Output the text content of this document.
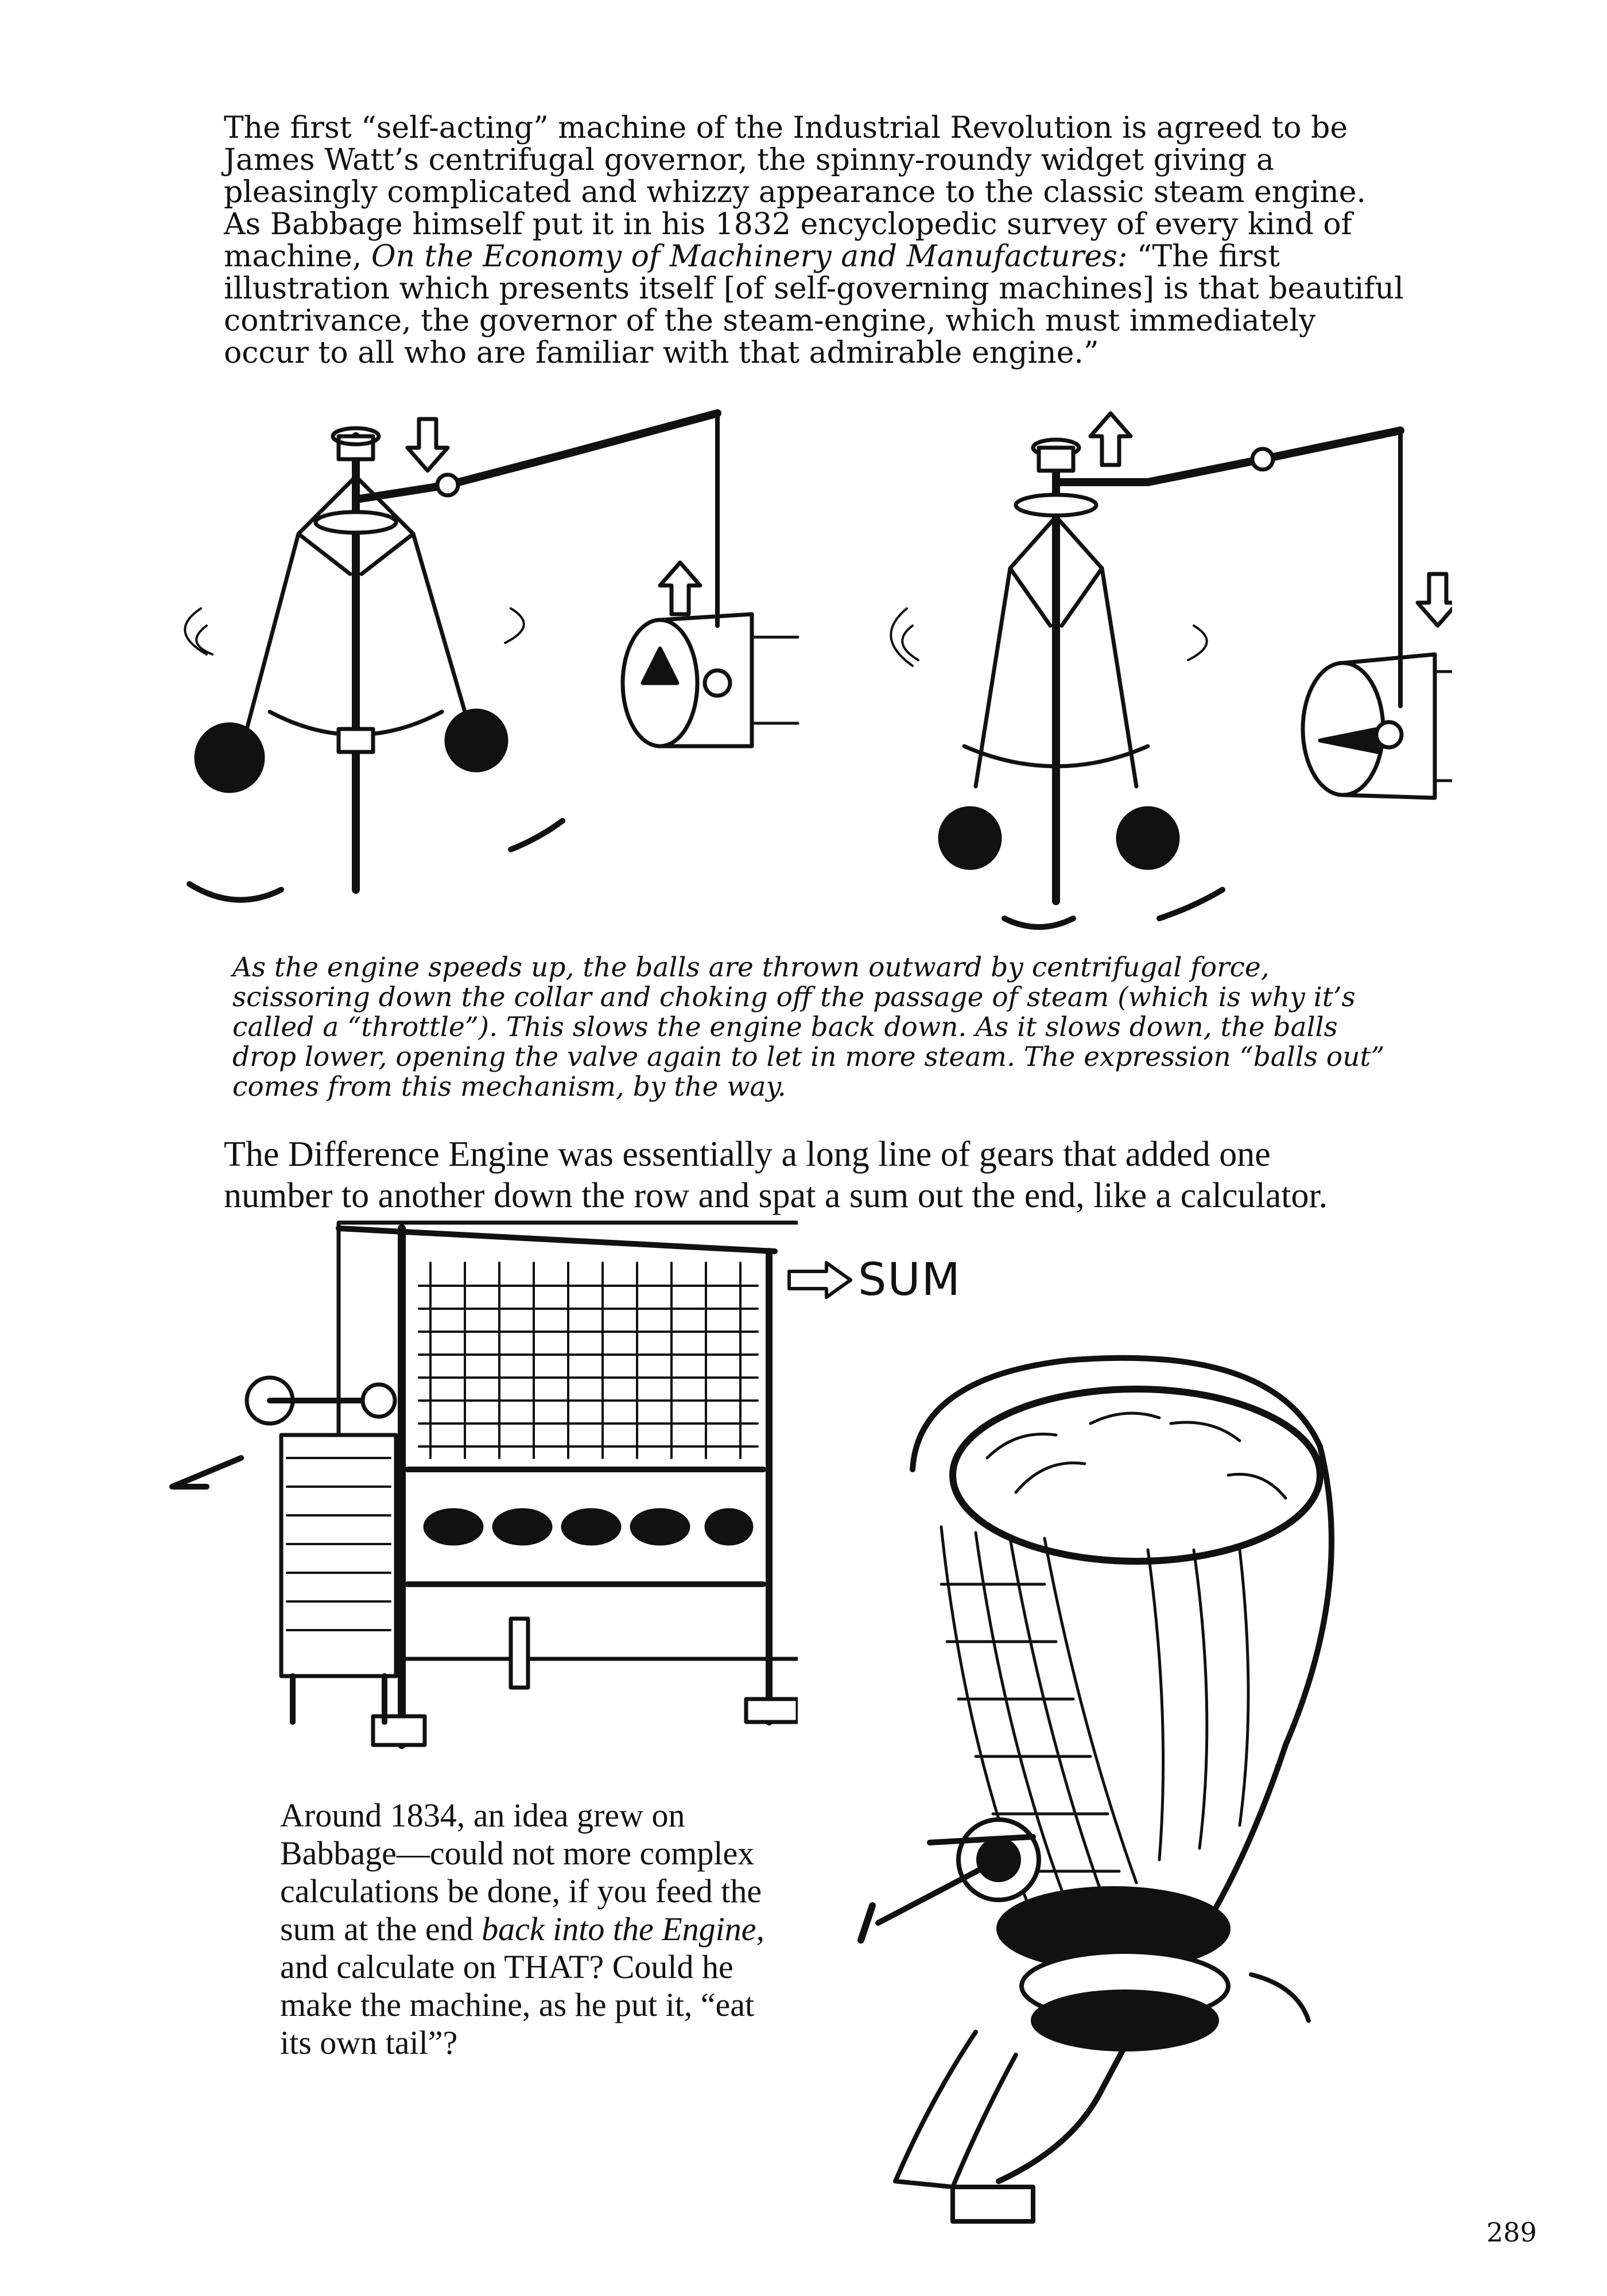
The first “self-acting” machine of the Industrial Revolution is agreed to be James Watt’s centrifugal governor, the spinny-roundy widget giving a pleasingly complicated and whizzy appearance to the classic steam engine. As Babbage himself put it in his 1832 encyclopedic survey of every kind of machine, On the Economy of Machinery and Manufactures: “The first illustration which presents itself [of self-governing machines] is that beautiful contrivance, the governor of the steam-engine, which must immediately occur to all who are familiar with that admirable engine.”

As the engine speeds up, the balls are thrown outward by centrifugal force, scissoring down the collar and choking off the passage of steam (which is why it’s called a “throttle”). This slows the engine back down. As it slows down, the balls drop lower, opening the valve again to let in more steam. The expression “balls out” comes from this mechanism, by the way.

The Difference Engine was essentially a long line of gears that added one number to another down the row and spat a sum out the end, like a calculator.

SUM

Around 1834, an idea grew on Babbage—could not more complex calculations be done, if you feed the sum at the end back into the Engine, and calculate on THAT? Could he make the machine, as he put it, “eat its own tail”?

289
